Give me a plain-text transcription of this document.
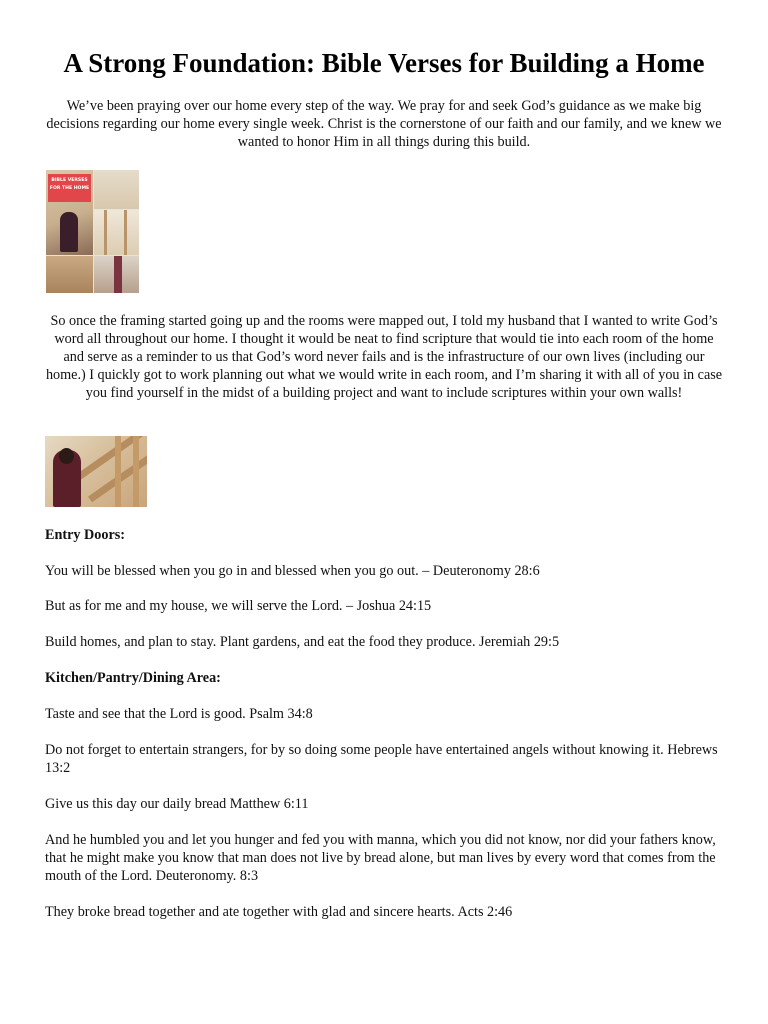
A Strong Foundation: Bible Verses for Building a Home

We’ve been praying over our home every step of the way. We pray for and seek God’s guidance as we make big decisions regarding our home every single week. Christ is the cornerstone of our faith and our family, and we knew we wanted to honor Him in all things during this build.

BIBLE VERSES FOR THE HOME

So once the framing started going up and the rooms were mapped out, I told my husband that I wanted to write God’s word all throughout our home. I thought it would be neat to find scripture that would tie into each room of the home and serve as a reminder to us that God’s word never fails and is the infrastructure of our own lives (including our home.) I quickly got to work planning out what we would write in each room, and I’m sharing it with all of you in case you find yourself in the midst of a building project and want to include scriptures within your own walls!

Entry Doors:

You will be blessed when you go in and blessed when you go out. – Deuteronomy 28:6

But as for me and my house, we will serve the Lord. – Joshua 24:15

Build homes, and plan to stay. Plant gardens, and eat the food they produce. Jeremiah 29:5

Kitchen/Pantry/Dining Area:

Taste and see that the Lord is good. Psalm 34:8

Do not forget to entertain strangers, for by so doing some people have entertained angels without knowing it. Hebrews 13:2

Give us this day our daily bread Matthew 6:11

And he humbled you and let you hunger and fed you with manna, which you did not know, nor did your fathers know, that he might make you know that man does not live by bread alone, but man lives by every word that comes from the mouth of the Lord. Deuteronomy. 8:3

They broke bread together and ate together with glad and sincere hearts. Acts 2:46
